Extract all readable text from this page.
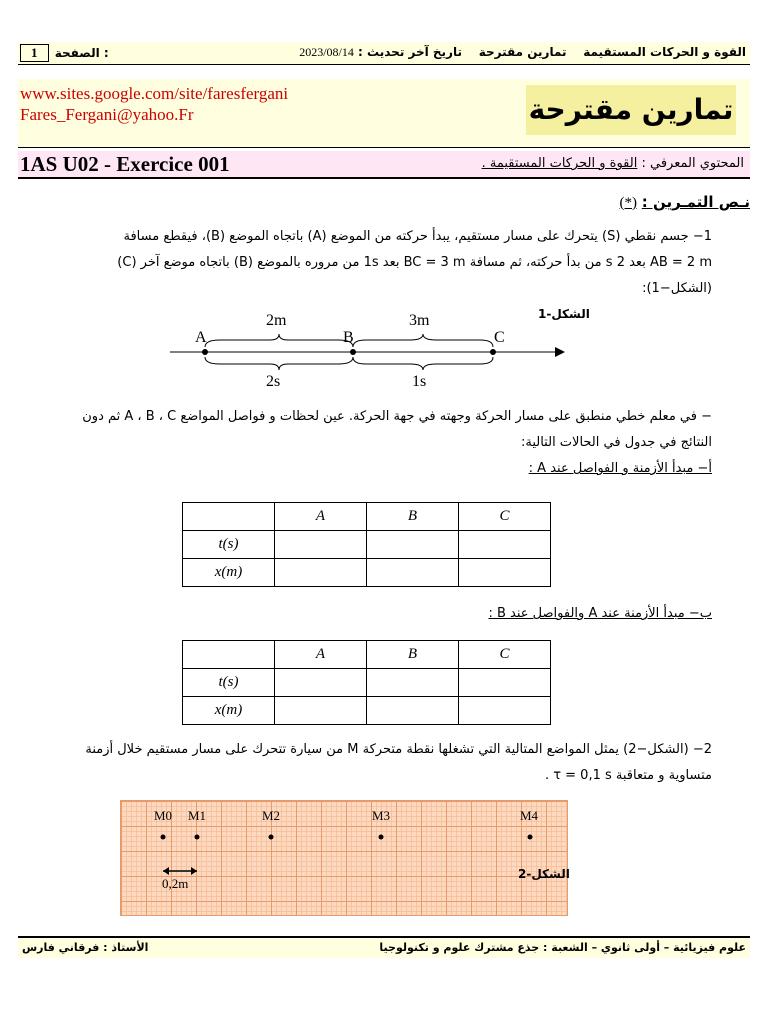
القوة و الحركات المستقيمة    تمارين مقترحة    تاريخ آخر تحديث : 2023/08/14
1 الصفحة :
www.sites.google.com/site/faresfergani
Fares_Fergani@yahoo.Fr	تمارين مقترحة
1AS U02 - Exercice 001	المحتوي المعرفي : القوة و الحركات المستقيمة .
نـص التمـرين : (*)
1− جسم نقطي (S) يتحرك على مسار مستقيم، يبدأ حركته من الموضع (A) باتجاه الموضع (B)، فيقطع مسافة
AB = 2 m بعد 2 s من بدأ حركته، ثم مسافة BC = 3 m بعد 1s من مروره بالموضع (B) باتجاه موضع آخر (C)
(الشكل−1):
A	B	C
2m	3m
2s	1s
الشكل-1
− في معلم خطي منطبق على مسار الحركة وجهته في جهة الحركة. عين لحظات و فواصل المواضع A ، B ، C ثم دون
النتائج في جدول في الحالات التالية:
أ− مبدأ الأزمنة و الفواصل عند A :
	A	B	C
t(s)			
x(m)			
ب− مبدأ الأزمنة عند A والفواصل عند B :
	A	B	C
t(s)			
x(m)			
2− (الشكل−2) يمثل المواضع المتالية التي تشغلها نقطة متحركة M من سيارة تتحرك على مسار مستقيم خلال أزمنة
متساوية و متعاقبة τ = 0,1 s .
M0 M1	M2	M3	M4
0,2m
الشكل-2
الأستاذ : فرقاني فارس	علوم فيزيائية – أولى ثانوي – الشعبة : جذع مشترك علوم و تكنولوجيا
